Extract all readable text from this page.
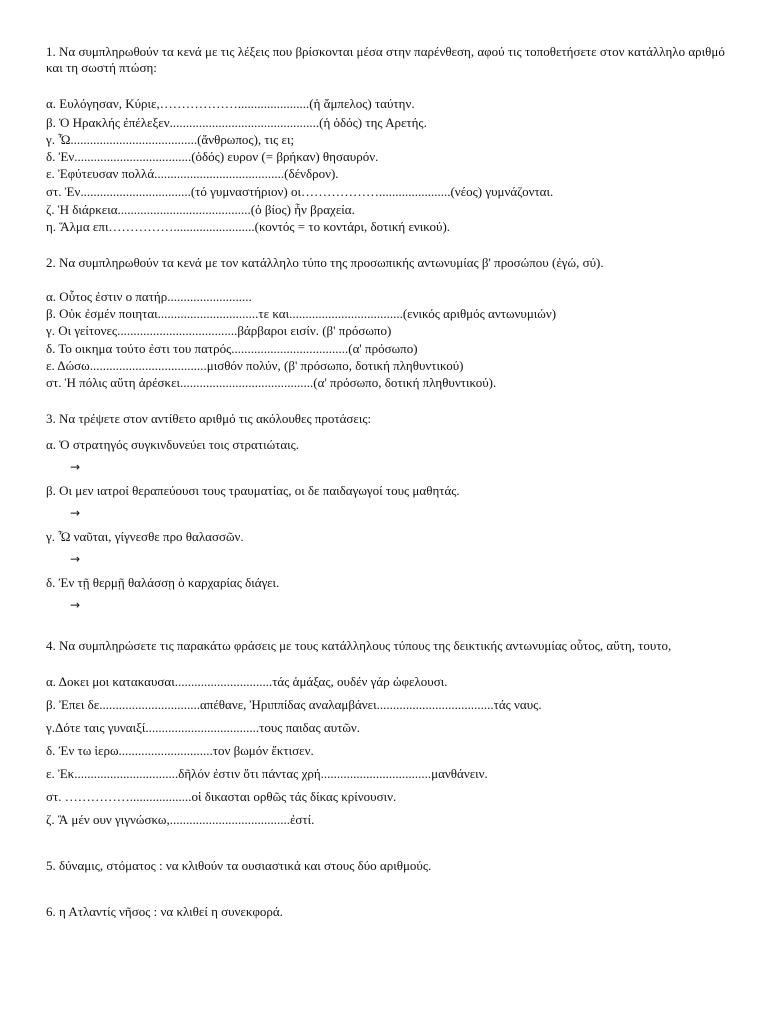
1. Να συμπληρωθούν τα κενά με τις λέξεις που βρίσκονται μέσα στην παρένθεση, αφού τις τοποθετήσετε στον κατάλληλο αριθμό και τη σωστή πτώση:
α. Ευλόγησαν, Κύριε,………………......................(ἡ ἄμπελος) ταύτην.
β. Ὁ Ηρακλής ἐπέλεξεν..............................................(ἡ ὁδός) της Αρετής.
γ. Ὦ.......................................(ἄνθρωπος), τις ει;
δ. Ἐν....................................(ὁδός) ευρον (= βρήκαν) θησαυρόν.
ε. Ἐφύτευσαν πολλά........................................(δένδρον).
στ. Ἐν..................................(τό γυμναστήριον) οι………………......................(νέος) γυμνάζονται.
ζ. Ἡ διάρκεια.........................................(ὁ βίος) ἦν βραχεία.
η. Ἅλμα επι…………….........................(κοντός = το κοντάρι, δοτική ενικού).
2. Να συμπληρωθούν τα κενά με τον κατάλληλο τύπο της προσωπικής αντωνυμίας β' προσώπου (ἐγώ, σύ).
α. Οὗτος ἐστιν ο πατήρ..........................
β. Οὐκ ἐσμέν ποιηται...............................τε και...................................(ενικός αριθμός αντωνυμιών)
γ. Οι γείτονες.....................................βάρβαροι εισίν. (β' πρόσωπο)
δ. Το οικημα τούτο ἐστι του πατρός....................................(α' πρόσωπο)
ε. Δώσω....................................μισθόν πολύν, (β' πρόσωπο, δοτική πληθυντικού)
στ. Ἡ πόλις αὕτη ἀρέσκει.........................................(α' πρόσωπο, δοτική πληθυντικού).
3. Να τρέψετε στον αντίθετο αριθμό τις ακόλουθες προτάσεις:
α. Ὁ στρατηγός συγκινδυνεύει τοις στρατιώταις.
→
β. Οι μεν ιατροί θεραπεύουσι τους τραυματίας, οι δε παιδαγωγοί τους μαθητάς.
→
γ. Ὦ ναῦται, γίγνεσθε προ θαλασσῶν.
→
δ. Ἐν τῇ θερμῇ θαλάσσῃ ὁ καρχαρίας διάγει.
→
4. Να συμπληρώσετε τις παρακάτω φράσεις με τους κατάλληλους τύπους της δεικτικής αντωνυμίας οὗτος, αὕτη, τουτο,
α. Δοκει μοι κατακαυσαι..............................τάς ἁμάξας, ουδέν γάρ ὠφελουσι.
β. Ἐπει δε...............................απέθανε, Ἠριππίδας αναλαμβάνει....................................τάς ναυς.
γ.Δότε ταις γυναιξί...................................τους παιδας αυτῶν.
δ. Ἐν τω ἱερω.............................τον βωμόν ἔκτισεν.
ε. Ἐκ................................δῆλόν ἐστιν ὅτι πάντας χρή..................................μανθάνειν.
στ. ……………...................οἱ δικασται ορθῶς τάς δίκας κρίνουσιν.
ζ. Ἃ μέν ουν γιγνώσκω,.....................................ἐστί.
5. δύναμις, στόματος : να κλιθούν τα ουσιαστικά και στους δύο αριθμούς.
6. η Ατλαντίς νῆσος : να κλιθεί η συνεκφορά.
